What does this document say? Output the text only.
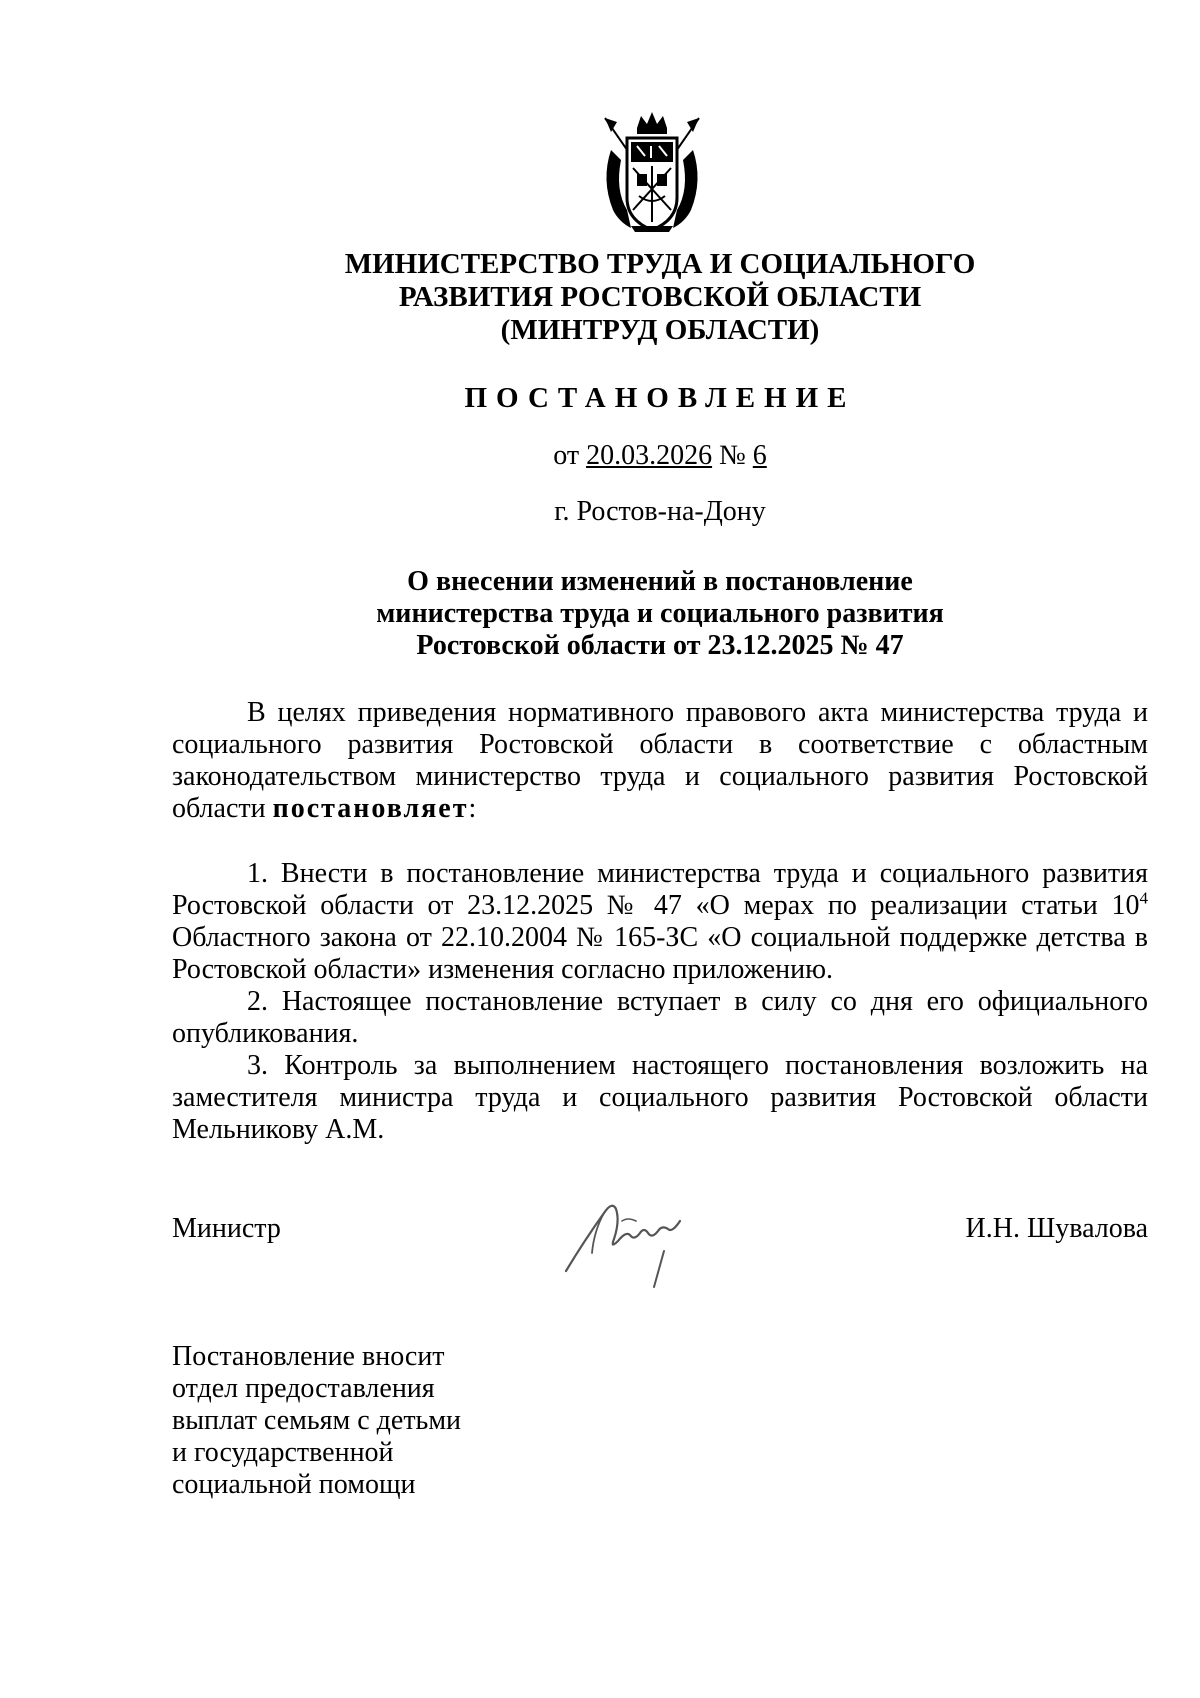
МИНИСТЕРСТВО ТРУДА И СОЦИАЛЬНОГО
РАЗВИТИЯ РОСТОВСКОЙ ОБЛАСТИ
(МИНТРУД ОБЛАСТИ)
ПОСТАНОВЛЕНИЕ
от 20.03.2026 № 6
г. Ростов-на-Дону
О внесении изменений в постановление
министерства труда и социального развития
Ростовской области от 23.12.2025 № 47

В целях приведения нормативного правового акта министерства труда и социального развития Ростовской области в соответствие с областным законодательством министерство труда и социального развития Ростовской области постановляет:

1. Внести в постановление министерства труда и социального развития Ростовской области от 23.12.2025 № 47 «О мерах по реализации статьи $10^4$ Областного закона от 22.10.2004 № 165-ЗС «О социальной поддержке детства в Ростовской области» изменения согласно приложению.

2. Настоящее постановление вступает в силу со дня его официального опубликования.

3. Контроль за выполнением настоящего постановления возложить на заместителя министра труда и социального развития Ростовской области Мельникову А.М.

Министр	И.Н. Шувалова
Постановление вносит
отдел предоставления
выплат семьям с детьми
и государственной
социальной помощи
